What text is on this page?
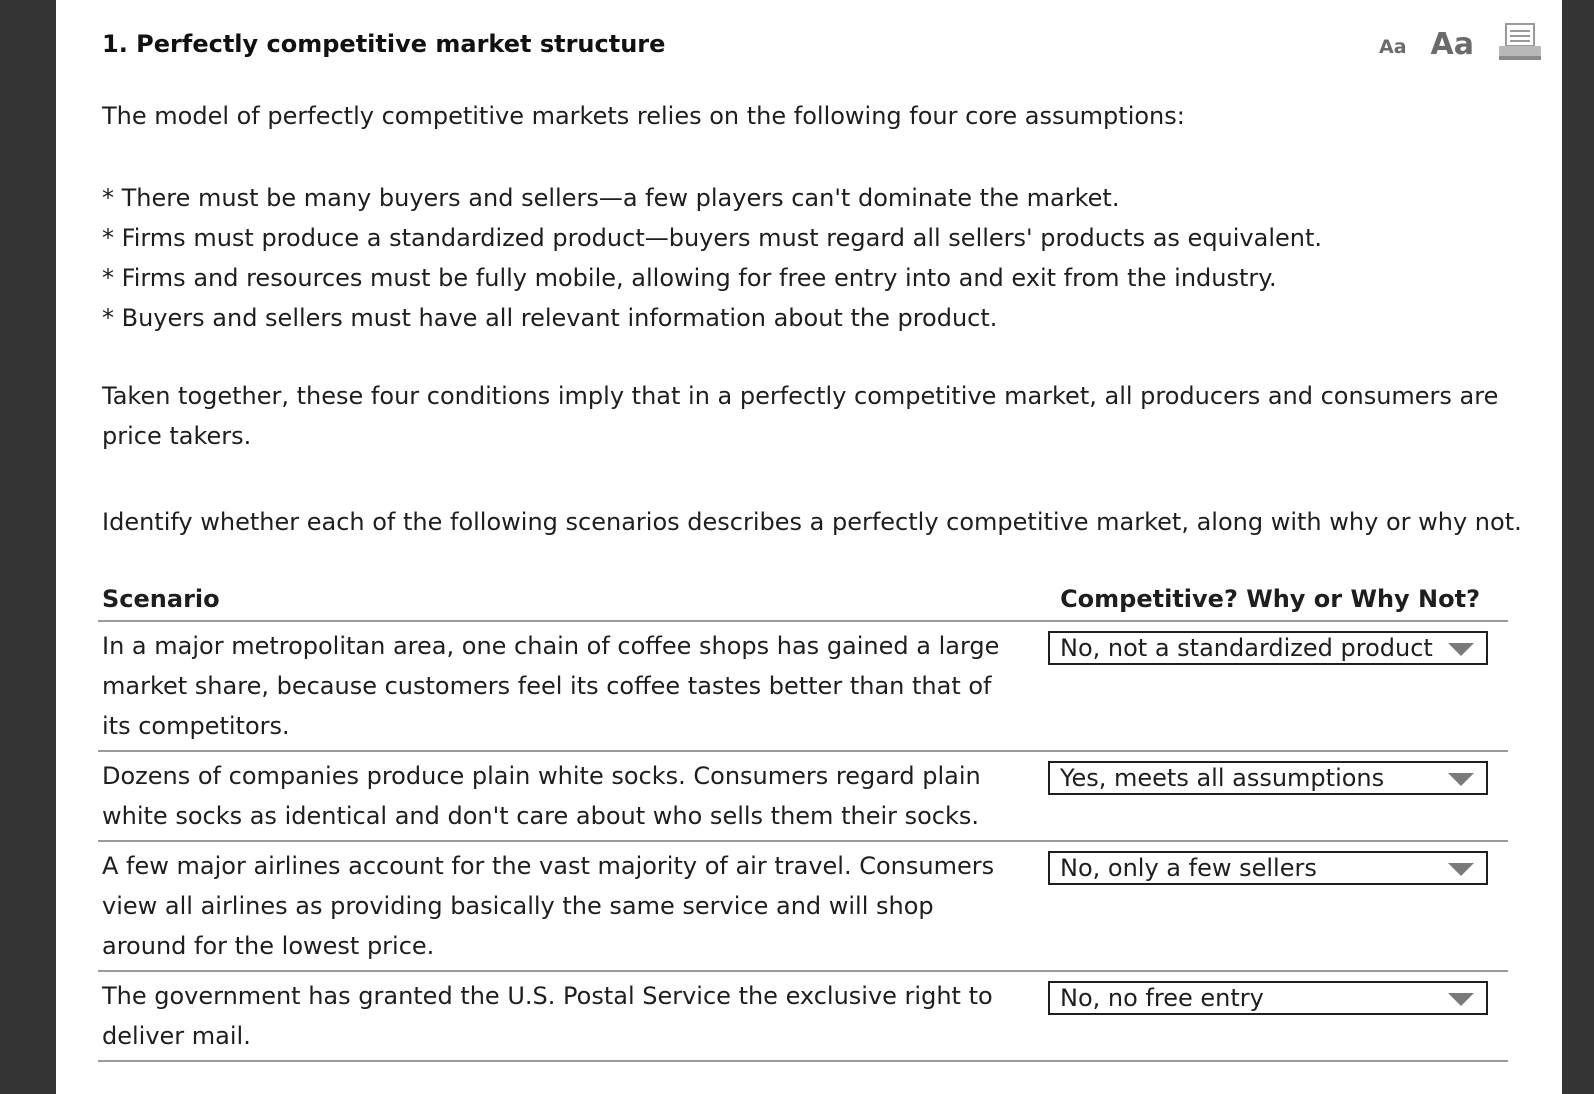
1. Perfectly competitive market structure	Aa Aa

The model of perfectly competitive markets relies on the following four core assumptions:

* There must be many buyers and sellers—a few players can't dominate the market.
* Firms must produce a standardized product—buyers must regard all sellers' products as equivalent.
* Firms and resources must be fully mobile, allowing for free entry into and exit from the industry.
* Buyers and sellers must have all relevant information about the product.

Taken together, these four conditions imply that in a perfectly competitive market, all producers and consumers are price takers.

Identify whether each of the following scenarios describes a perfectly competitive market, along with why or why not.

Scenario	Competitive? Why or Why Not?
In a major metropolitan area, one chain of coffee shops has gained a large market share, because customers feel its coffee tastes better than that of its competitors.
No, not a standardized product
Dozens of companies produce plain white socks. Consumers regard plain white socks as identical and don't care about who sells them their socks.
Yes, meets all assumptions
A few major airlines account for the vast majority of air travel. Consumers view all airlines as providing basically the same service and will shop around for the lowest price.
No, only a few sellers
The government has granted the U.S. Postal Service the exclusive right to deliver mail.
No, no free entry
